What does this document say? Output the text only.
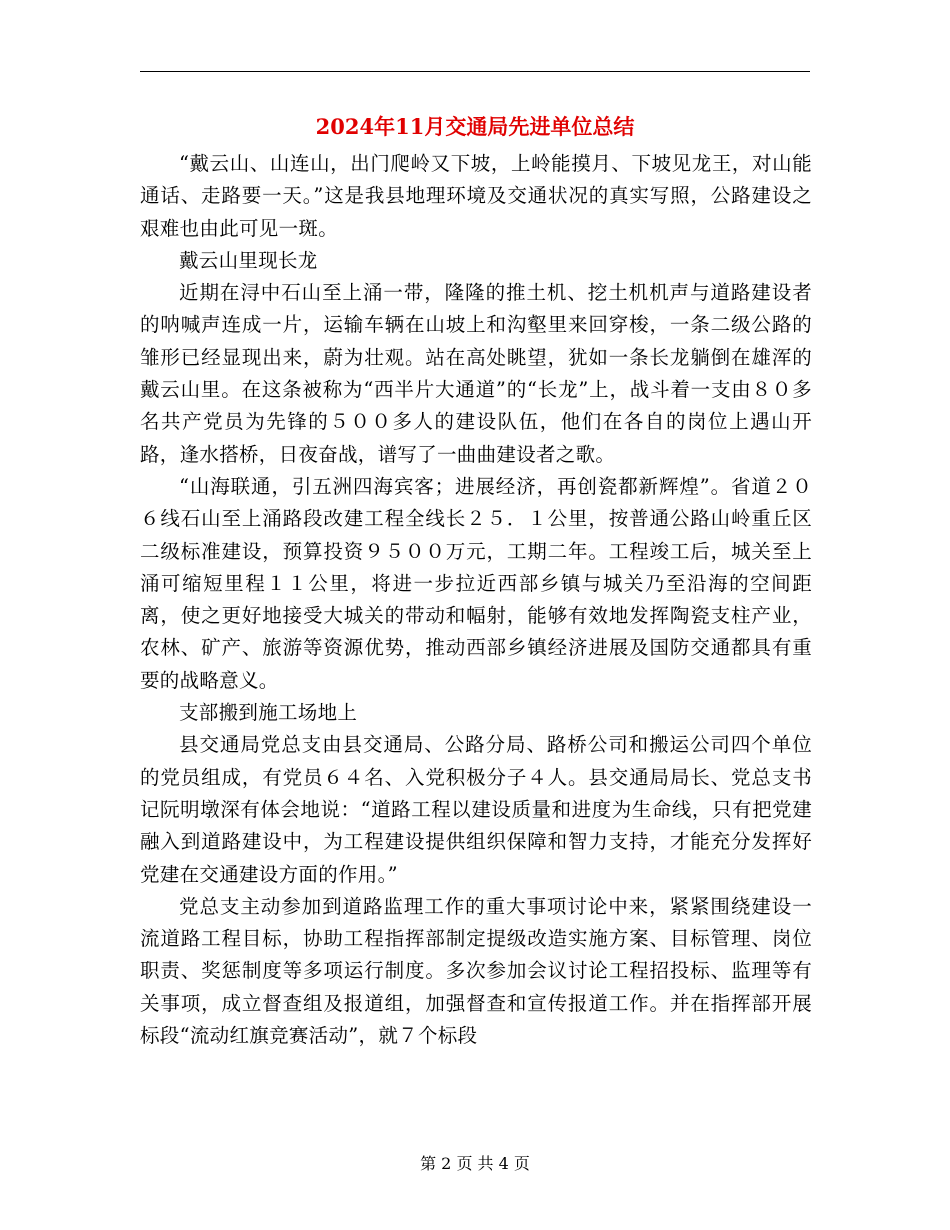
2024年11月交通局先进单位总结

“戴云山、山连山，出门爬岭又下坡，上岭能摸月、下坡见龙王，对山能通话、走路要一天。”这是我县地理环境及交通状况的真实写照，公路建设之艰难也由此可见一斑。

戴云山里现长龙

近期在浔中石山至上涌一带，隆隆的推土机、挖土机机声与道路建设者的呐喊声连成一片，运输车辆在山坡上和沟壑里来回穿梭，一条二级公路的雏形已经显现出来，蔚为壮观。站在高处眺望，犹如一条长龙躺倒在雄浑的戴云山里。在这条被称为“西半片大通道”的“长龙”上，战斗着一支由８０多名共产党员为先锋的５００多人的建设队伍，他们在各自的岗位上遇山开路，逢水搭桥，日夜奋战，谱写了一曲曲建设者之歌。

“山海联通，引五洲四海宾客；进展经济，再创瓷都新辉煌”。省道２０６线石山至上涌路段改建工程全线长２５．１公里，按普通公路山岭重丘区二级标准建设，预算投资９５００万元，工期二年。工程竣工后，城关至上涌可缩短里程１１公里，将进一步拉近西部乡镇与城关乃至沿海的空间距离，使之更好地接受大城关的带动和幅射，能够有效地发挥陶瓷支柱产业，农林、矿产、旅游等资源优势，推动西部乡镇经济进展及国防交通都具有重要的战略意义。

支部搬到施工场地上

县交通局党总支由县交通局、公路分局、路桥公司和搬运公司四个单位的党员组成，有党员６４名、入党积极分子４人。县交通局局长、党总支书记阮明墩深有体会地说：“道路工程以建设质量和进度为生命线，只有把党建融入到道路建设中，为工程建设提供组织保障和智力支持，才能充分发挥好党建在交通建设方面的作用。”

党总支主动参加到道路监理工作的重大事项讨论中来，紧紧围绕建设一流道路工程目标，协助工程指挥部制定提级改造实施方案、目标管理、岗位职责、奖惩制度等多项运行制度。多次参加会议讨论工程招投标、监理等有关事项，成立督查组及报道组，加强督查和宣传报道工作。并在指挥部开展标段“流动红旗竞赛活动”，就７个标段

第 2 页 共 4 页
